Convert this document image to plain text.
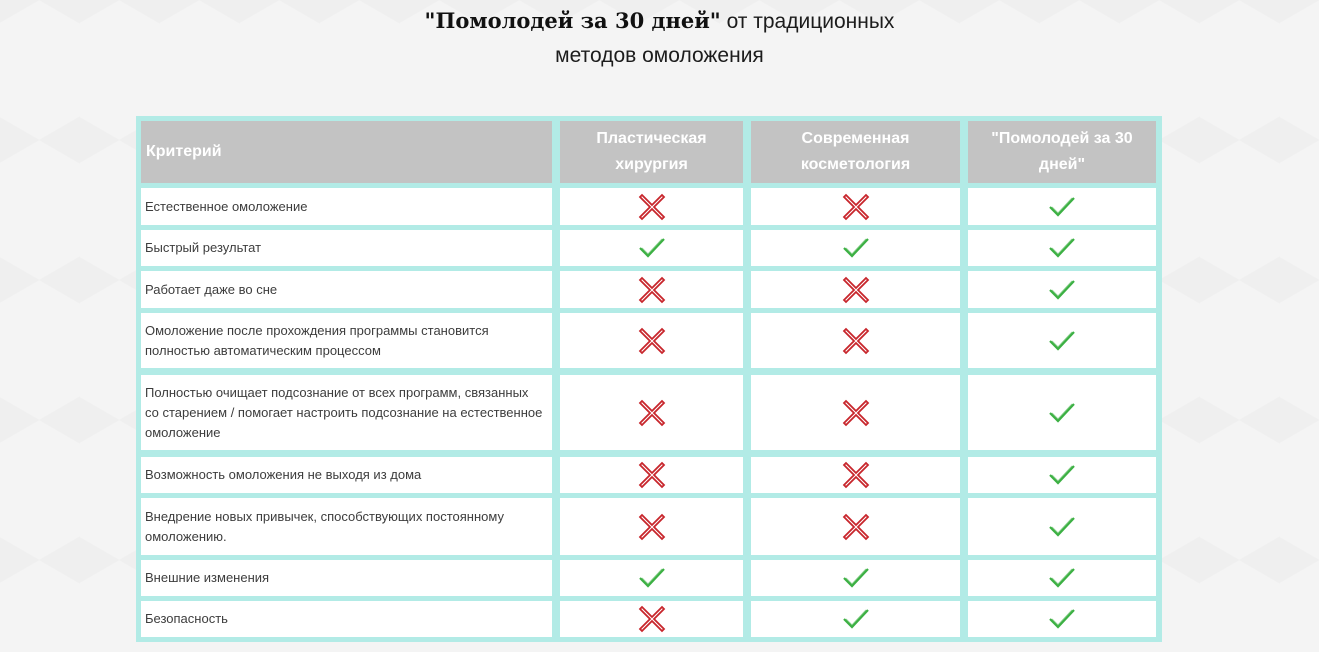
"Помолодей за 30 дней" от традиционных
методов омоложения
Критерий
Пластическая хирургия
Современная косметология
"Помолодей за 30 дней"
Естественное омоложение
Быстрый результат
Работает даже во сне
Омоложение после прохождения программы становится полностью автоматическим процессом
Полностью очищает подсознание от всех программ, связанных со старением / помогает настроить подсознание на естественное омоложение
Возможность омоложения не выходя из дома
Внедрение новых привычек, способствующих постоянному омоложению.
Внешние изменения
Безопасность
